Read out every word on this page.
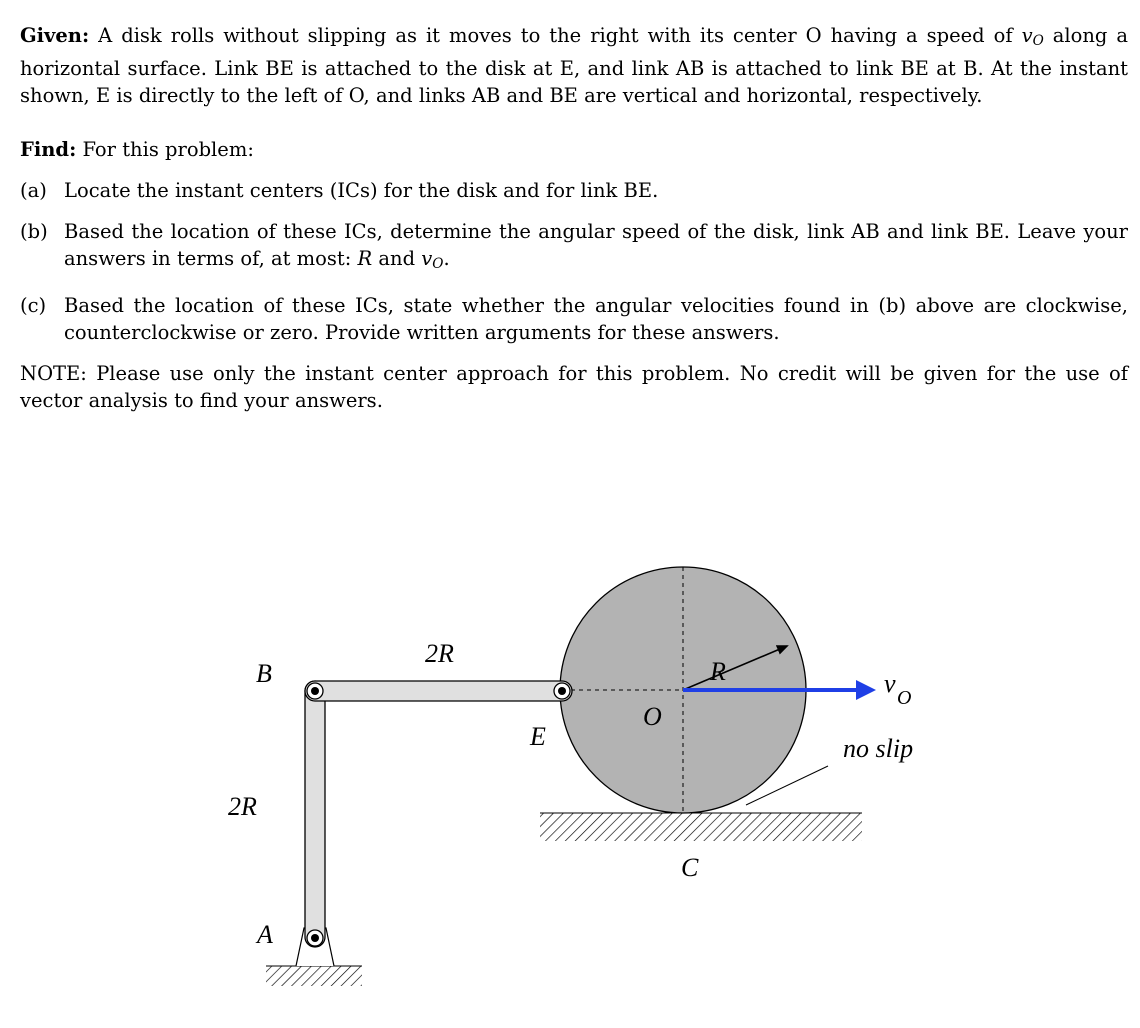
Given: A disk rolls without slipping as it moves to the right with its center O having a speed of $v_O$ along a horizontal surface. Link BE is attached to the disk at E, and link AB is attached to link BE at B. At the instant shown, E is directly to the left of O, and links AB and BE are vertical and horizontal, respectively.

Find: For this problem:

(a) Locate the instant centers (ICs) for the disk and for link BE.

(b) Based the location of these ICs, determine the angular speed of the disk, link AB and link BE. Leave your answers in terms of, at most: R and $v_O$.

(c) Based the location of these ICs, state whether the angular velocities found in (b) above are clockwise, counterclockwise or zero. Provide written arguments for these answers.

NOTE: Please use only the instant center approach for this problem. No credit will be given for the use of vector analysis to find your answers.

B
A
E
O
C
R
2R
2R
v O
no slip
